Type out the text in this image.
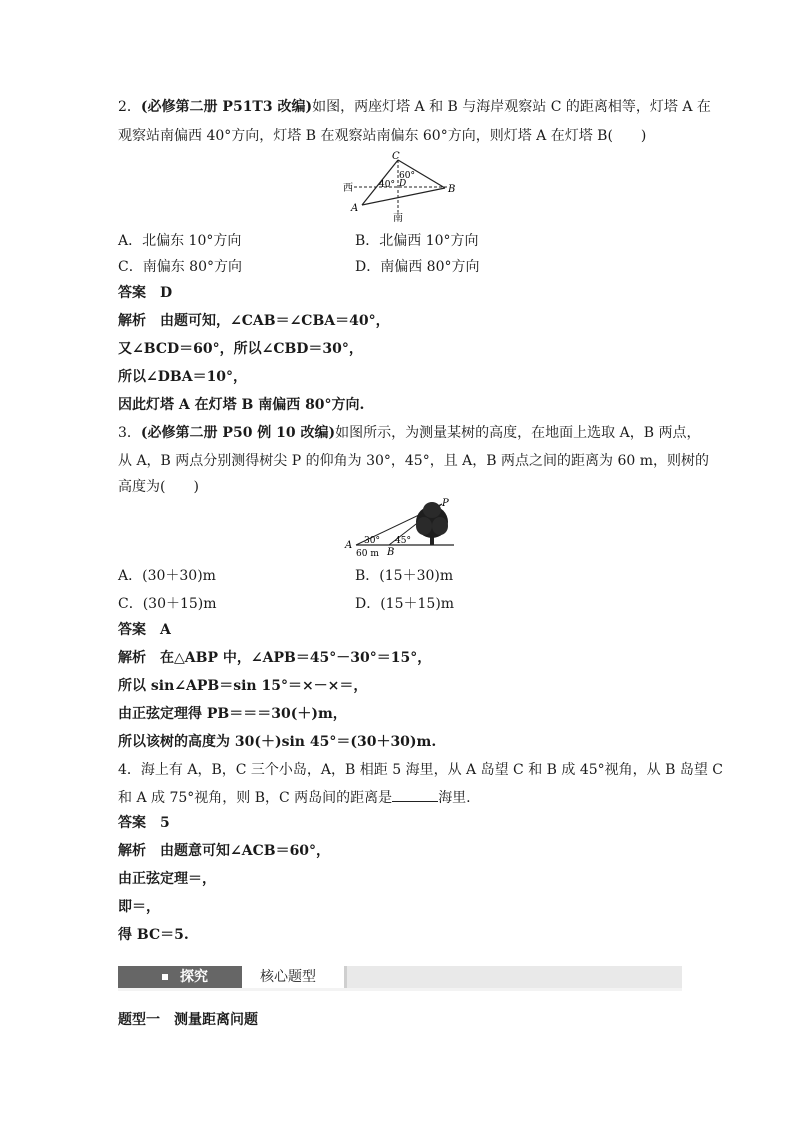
2．(必修第二册 P51T3 改编)如图，两座灯塔 A 和 B 与海岸观察站 C 的距离相等，灯塔 A 在
观察站南偏西 40°方向，灯塔 B 在观察站南偏东 60°方向，则灯塔 A 在灯塔 B(　　)
C
60°
40° D
西	B
A
南
A．北偏东 10°方向	B．北偏西 10°方向
C．南偏东 80°方向	D．南偏西 80°方向
答案　D
解析　由题可知，∠CAB＝∠CBA＝40°，
又∠BCD＝60°，所以∠CBD＝30°，
所以∠DBA＝10°，
因此灯塔 A 在灯塔 B 南偏西 80°方向.
3．(必修第二册 P50 例 10 改编)如图所示，为测量某树的高度，在地面上选取 A，B 两点，
从 A，B 两点分别测得树尖 P 的仰角为 30°，45°，且 A，B 两点之间的距离为 60 m，则树的
高度为(　　)
P
A 30° 45°
60 m B
A．(30＋30)m	B．(15＋30)m
C．(30＋15)m	D．(15＋15)m
答案　A
解析　在△ABP 中，∠APB＝45°－30°＝15°，
所以 sin∠APB＝sin 15°＝×－×＝，
由正弦定理得 PB＝＝＝30(＋)m，
所以该树的高度为 30(＋)sin 45°＝(30＋30)m.
4．海上有 A，B，C 三个小岛，A，B 相距 5 海里，从 A 岛望 C 和 B 成 45°视角，从 B 岛望 C
和 A 成 75°视角，则 B，C 两岛间的距离是	海里.
答案　5
解析　由题意可知∠ACB＝60°，
由正弦定理＝，
即＝，
得 BC＝5.
探究	核心题型
题型一　测量距离问题
